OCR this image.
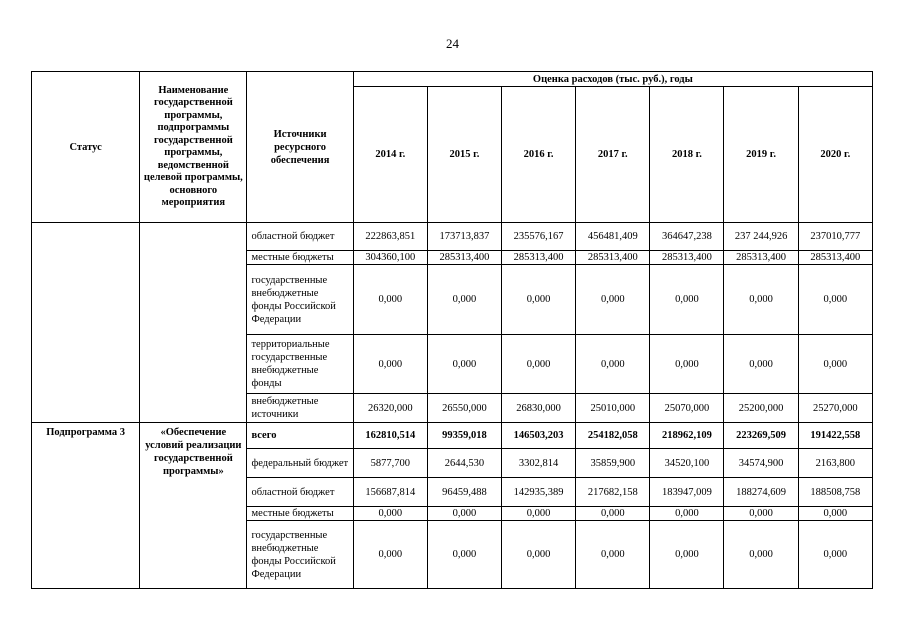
24
Статус	Наименование государственной программы, подпрограммы государственной программы, ведомственной целевой программы, основного мероприятия	Источники ресурсного обеспечения	Оценка расходов (тыс. руб.), годы						
			2014 г.	2015 г.	2016 г.	2017 г.	2018 г.	2019 г.	2020 г.
		областной бюджет	222863,851	173713,837	235576,167	456481,409	364647,238	237 244,926	237010,777
		местные бюджеты	304360,100	285313,400	285313,400	285313,400	285313,400	285313,400	285313,400
		государственные внебюджетные фонды Российской Федерации	0,000	0,000	0,000	0,000	0,000	0,000	0,000
		территориальные государственные внебюджетные фонды	0,000	0,000	0,000	0,000	0,000	0,000	0,000
		внебюджетные источники	26320,000	26550,000	26830,000	25010,000	25070,000	25200,000	25270,000
Подпрограмма 3	«Обеспечение условий реализации государственной программы»	всего	162810,514	99359,018	146503,203	254182,058	218962,109	223269,509	191422,558
		федеральный бюджет	5877,700	2644,530	3302,814	35859,900	34520,100	34574,900	2163,800
		областной бюджет	156687,814	96459,488	142935,389	217682,158	183947,009	188274,609	188508,758
		местные бюджеты	0,000	0,000	0,000	0,000	0,000	0,000	0,000
		государственные внебюджетные фонды Российской Федерации	0,000	0,000	0,000	0,000	0,000	0,000	0,000
